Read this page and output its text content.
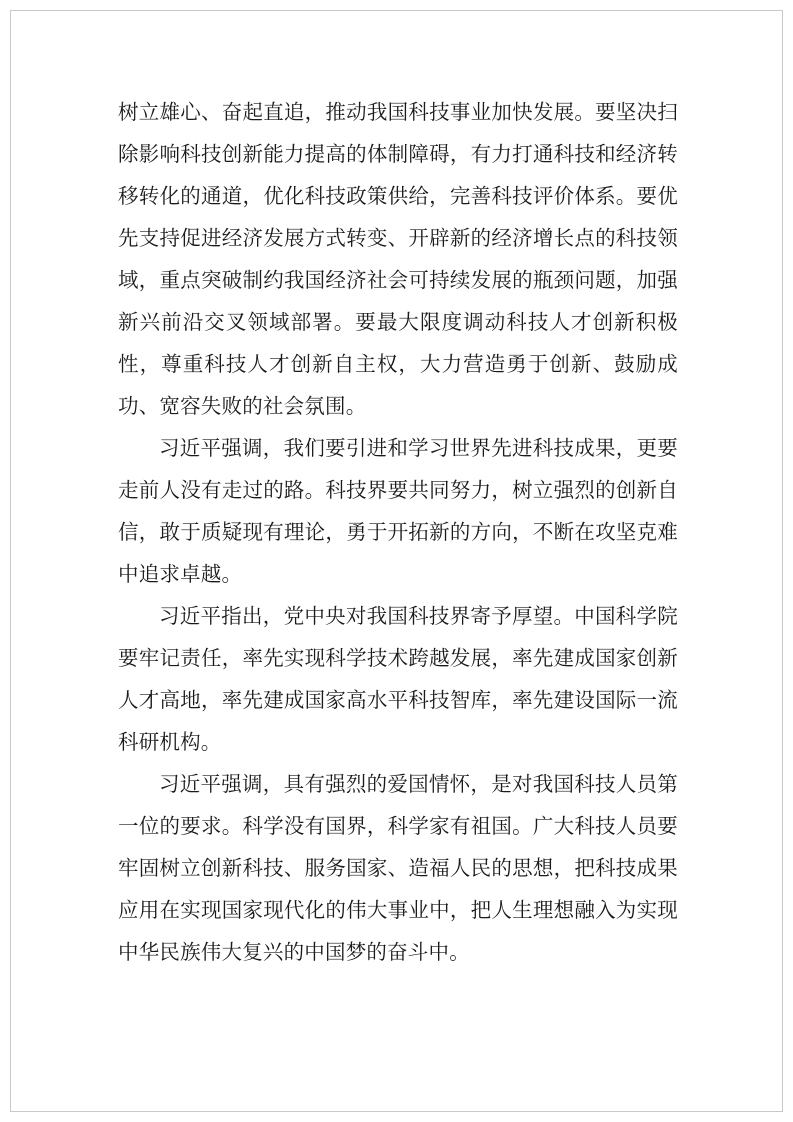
树立雄心、奋起直追，推动我国科技事业加快发展。要坚决扫除影响科技创新能力提高的体制障碍，有力打通科技和经济转移转化的通道，优化科技政策供给，完善科技评价体系。要优先支持促进经济发展方式转变、开辟新的经济增长点的科技领域，重点突破制约我国经济社会可持续发展的瓶颈问题，加强新兴前沿交叉领域部署。要最大限度调动科技人才创新积极性，尊重科技人才创新自主权，大力营造勇于创新、鼓励成功、宽容失败的社会氛围。

习近平强调，我们要引进和学习世界先进科技成果，更要走前人没有走过的路。科技界要共同努力，树立强烈的创新自信，敢于质疑现有理论，勇于开拓新的方向，不断在攻坚克难中追求卓越。

习近平指出，党中央对我国科技界寄予厚望。中国科学院要牢记责任，率先实现科学技术跨越发展，率先建成国家创新人才高地，率先建成国家高水平科技智库，率先建设国际一流科研机构。

习近平强调，具有强烈的爱国情怀，是对我国科技人员第一位的要求。科学没有国界，科学家有祖国。广大科技人员要牢固树立创新科技、服务国家、造福人民的思想，把科技成果应用在实现国家现代化的伟大事业中，把人生理想融入为实现中华民族伟大复兴的中国梦的奋斗中。
